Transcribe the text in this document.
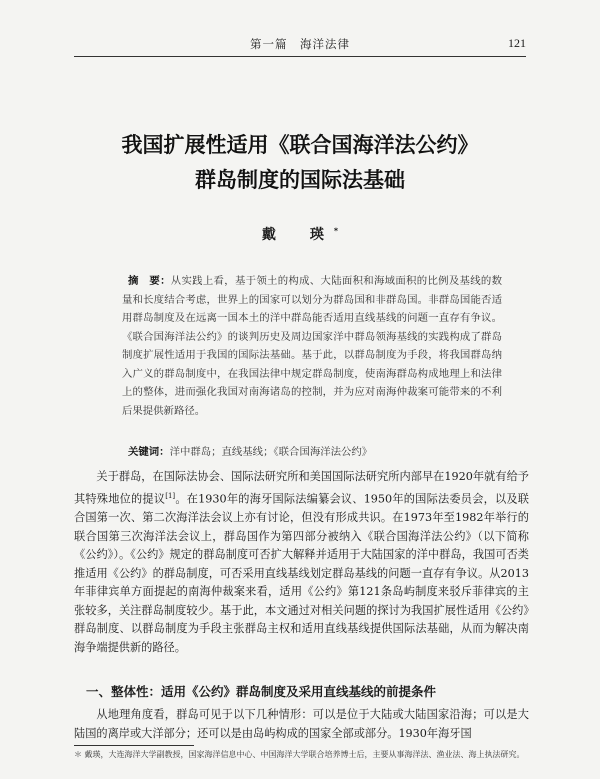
第一篇　海洋法律	121
我国扩展性适用《联合国海洋法公约》
群岛制度的国际法基础
戴　瑛*
摘　要：从实践上看，基于领土的构成、大陆面积和海域面积的比例及基线的数量和长度结合考虑，世界上的国家可以划分为群岛国和非群岛国。非群岛国能否适用群岛制度及在远离一国本土的洋中群岛能否适用直线基线的问题一直存有争议。《联合国海洋法公约》的谈判历史及周边国家洋中群岛领海基线的实践构成了群岛制度扩展性适用于我国的国际法基础。基于此，以群岛制度为手段，将我国群岛纳入广义的群岛制度中，在我国法律中规定群岛制度，使南海群岛构成地理上和法律上的整体，进而强化我国对南海诸岛的控制，并为应对南海仲裁案可能带来的不利后果提供新路径。
关键词：洋中群岛；直线基线；《联合国海洋法公约》

关于群岛，在国际法协会、国际法研究所和美国国际法研究所内部早在1920年就有给予其特殊地位的提议[1]。在1930年的海牙国际法编纂会议、1950年的国际法委员会，以及联合国第一次、第二次海洋法会议上亦有讨论，但没有形成共识。在1973年至1982年举行的联合国第三次海洋法会议上，群岛国作为第四部分被纳入《联合国海洋法公约》（以下简称《公约》）。《公约》规定的群岛制度可否扩大解释并适用于大陆国家的洋中群岛，我国可否类推适用《公约》的群岛制度，可否采用直线基线划定群岛基线的问题一直存有争议。从2013年菲律宾单方面提起的南海仲裁案来看，适用《公约》第121条岛屿制度来驳斥菲律宾的主张较多，关注群岛制度较少。基于此，本文通过对相关问题的探讨为我国扩展性适用《公约》群岛制度、以群岛制度为手段主张群岛主权和适用直线基线提供国际法基础，从而为解决南海争端提供新的路径。

一、整体性：适用《公约》群岛制度及采用直线基线的前提条件

从地理角度看，群岛可见于以下几种情形：可以是位于大陆或大陆国家沿海；可以是大陆国的离岸或大洋部分；还可以是由岛屿构成的国家全部或部分。1930年海牙国

＊ 戴瑛，大连海洋大学副教授，国家海洋信息中心、中国海洋大学联合培养博士后，主要从事海洋法、渔业法、海上执法研究。
